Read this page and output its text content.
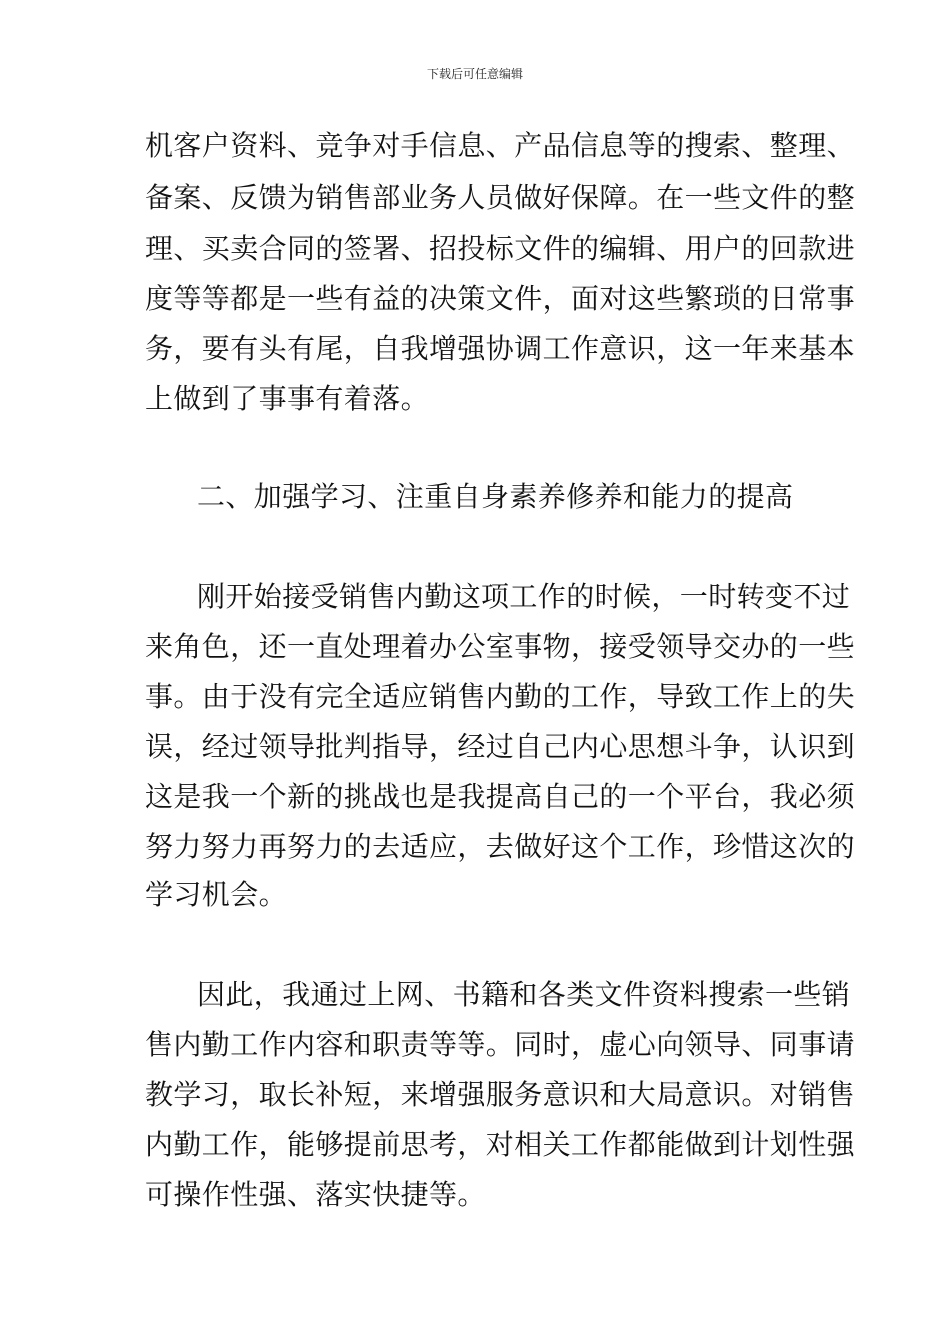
下载后可任意编辑
机客户资料、竞争对手信息、产品信息等的搜索、整理、
备案、反馈为销售部业务人员做好保障。在一些文件的整
理、买卖合同的签署、招投标文件的编辑、用户的回款进
度等等都是一些有益的决策文件，面对这些繁琐的日常事
务，要有头有尾，自我增强协调工作意识，这一年来基本
上做到了事事有着落。
二、加强学习、注重自身素养修养和能力的提高
刚开始接受销售内勤这项工作的时候，一时转变不过
来角色，还一直处理着办公室事物，接受领导交办的一些
事。由于没有完全适应销售内勤的工作，导致工作上的失
误，经过领导批判指导，经过自己内心思想斗争，认识到
这是我一个新的挑战也是我提高自己的一个平台，我必须
努力努力再努力的去适应，去做好这个工作，珍惜这次的
学习机会。
因此，我通过上网、书籍和各类文件资料搜索一些销
售内勤工作内容和职责等等。同时，虚心向领导、同事请
教学习，取长补短，来增强服务意识和大局意识。对销售
内勤工作，能够提前思考，对相关工作都能做到计划性强
可操作性强、落实快捷等。
